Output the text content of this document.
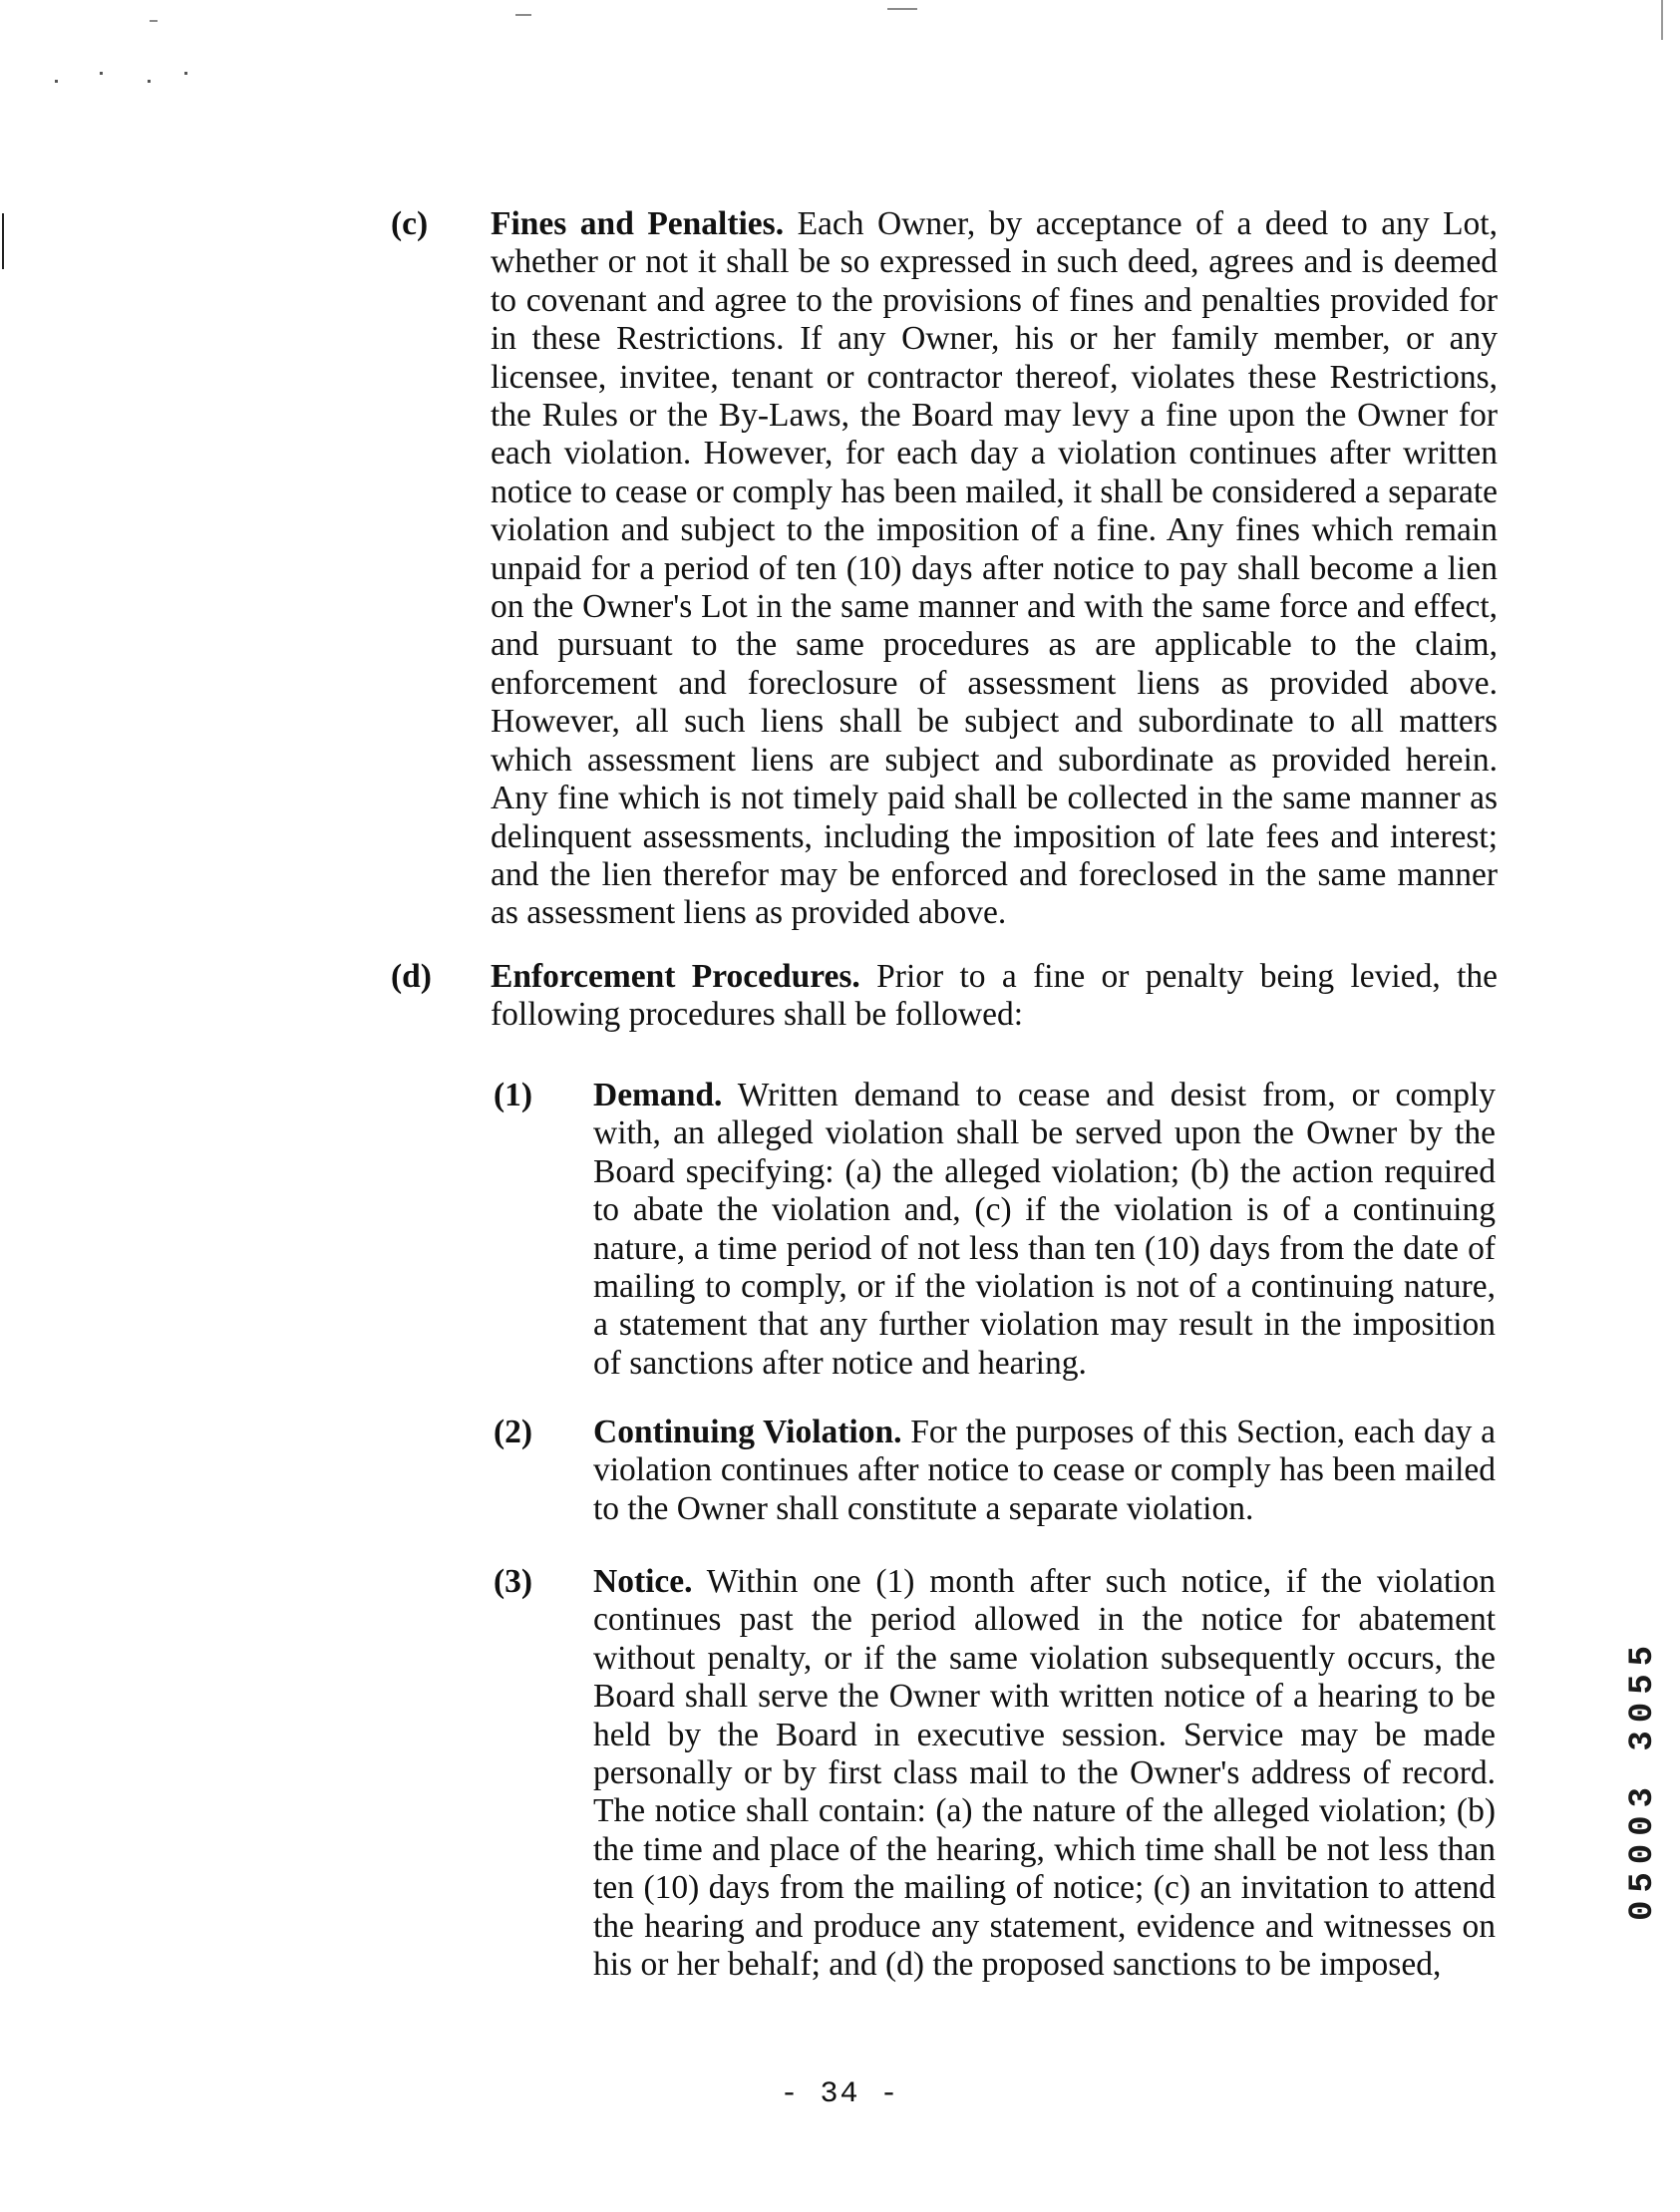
(c) Fines and Penalties. Each Owner, by acceptance of a deed to any Lot, whether or not it shall be so expressed in such deed, agrees and is deemed to covenant and agree to the provisions of fines and penalties provided for in these Restrictions. If any Owner, his or her family member, or any licensee, invitee, tenant or contractor thereof, violates these Restrictions, the Rules or the By-Laws, the Board may levy a fine upon the Owner for each violation. However, for each day a violation continues after written notice to cease or comply has been mailed, it shall be considered a separate violation and subject to the imposition of a fine. Any fines which remain unpaid for a period of ten (10) days after notice to pay shall become a lien on the Owner's Lot in the same manner and with the same force and effect, and pursuant to the same procedures as are applicable to the claim, enforcement and foreclosure of assessment liens as provided above. However, all such liens shall be subject and subordinate to all matters which assessment liens are subject and subordinate as provided herein. Any fine which is not timely paid shall be collected in the same manner as delinquent assessments, including the imposition of late fees and interest; and the lien therefor may be enforced and foreclosed in the same manner as assessment liens as provided above.
(d) Enforcement Procedures. Prior to a fine or penalty being levied, the following procedures shall be followed:
(1) Demand. Written demand to cease and desist from, or comply with, an alleged violation shall be served upon the Owner by the Board specifying: (a) the alleged violation; (b) the action required to abate the violation and, (c) if the violation is of a continuing nature, a time period of not less than ten (10) days from the date of mailing to comply, or if the violation is not of a continuing nature, a statement that any further violation may result in the imposition of sanctions after notice and hearing.
(2) Continuing Violation. For the purposes of this Section, each day a violation continues after notice to cease or comply has been mailed to the Owner shall constitute a separate violation.
(3) Notice. Within one (1) month after such notice, if the violation continues past the period allowed in the notice for abatement without penalty, or if the same violation subsequently occurs, the Board shall serve the Owner with written notice of a hearing to be held by the Board in executive session. Service may be made personally or by first class mail to the Owner's address of record. The notice shall contain: (a) the nature of the alleged violation; (b) the time and place of the hearing, which time shall be not less than ten (10) days from the mailing of notice; (c) an invitation to attend the hearing and produce any statement, evidence and witnesses on his or her behalf; and (d) the proposed sanctions to be imposed,
05003 3055
- 34 -
